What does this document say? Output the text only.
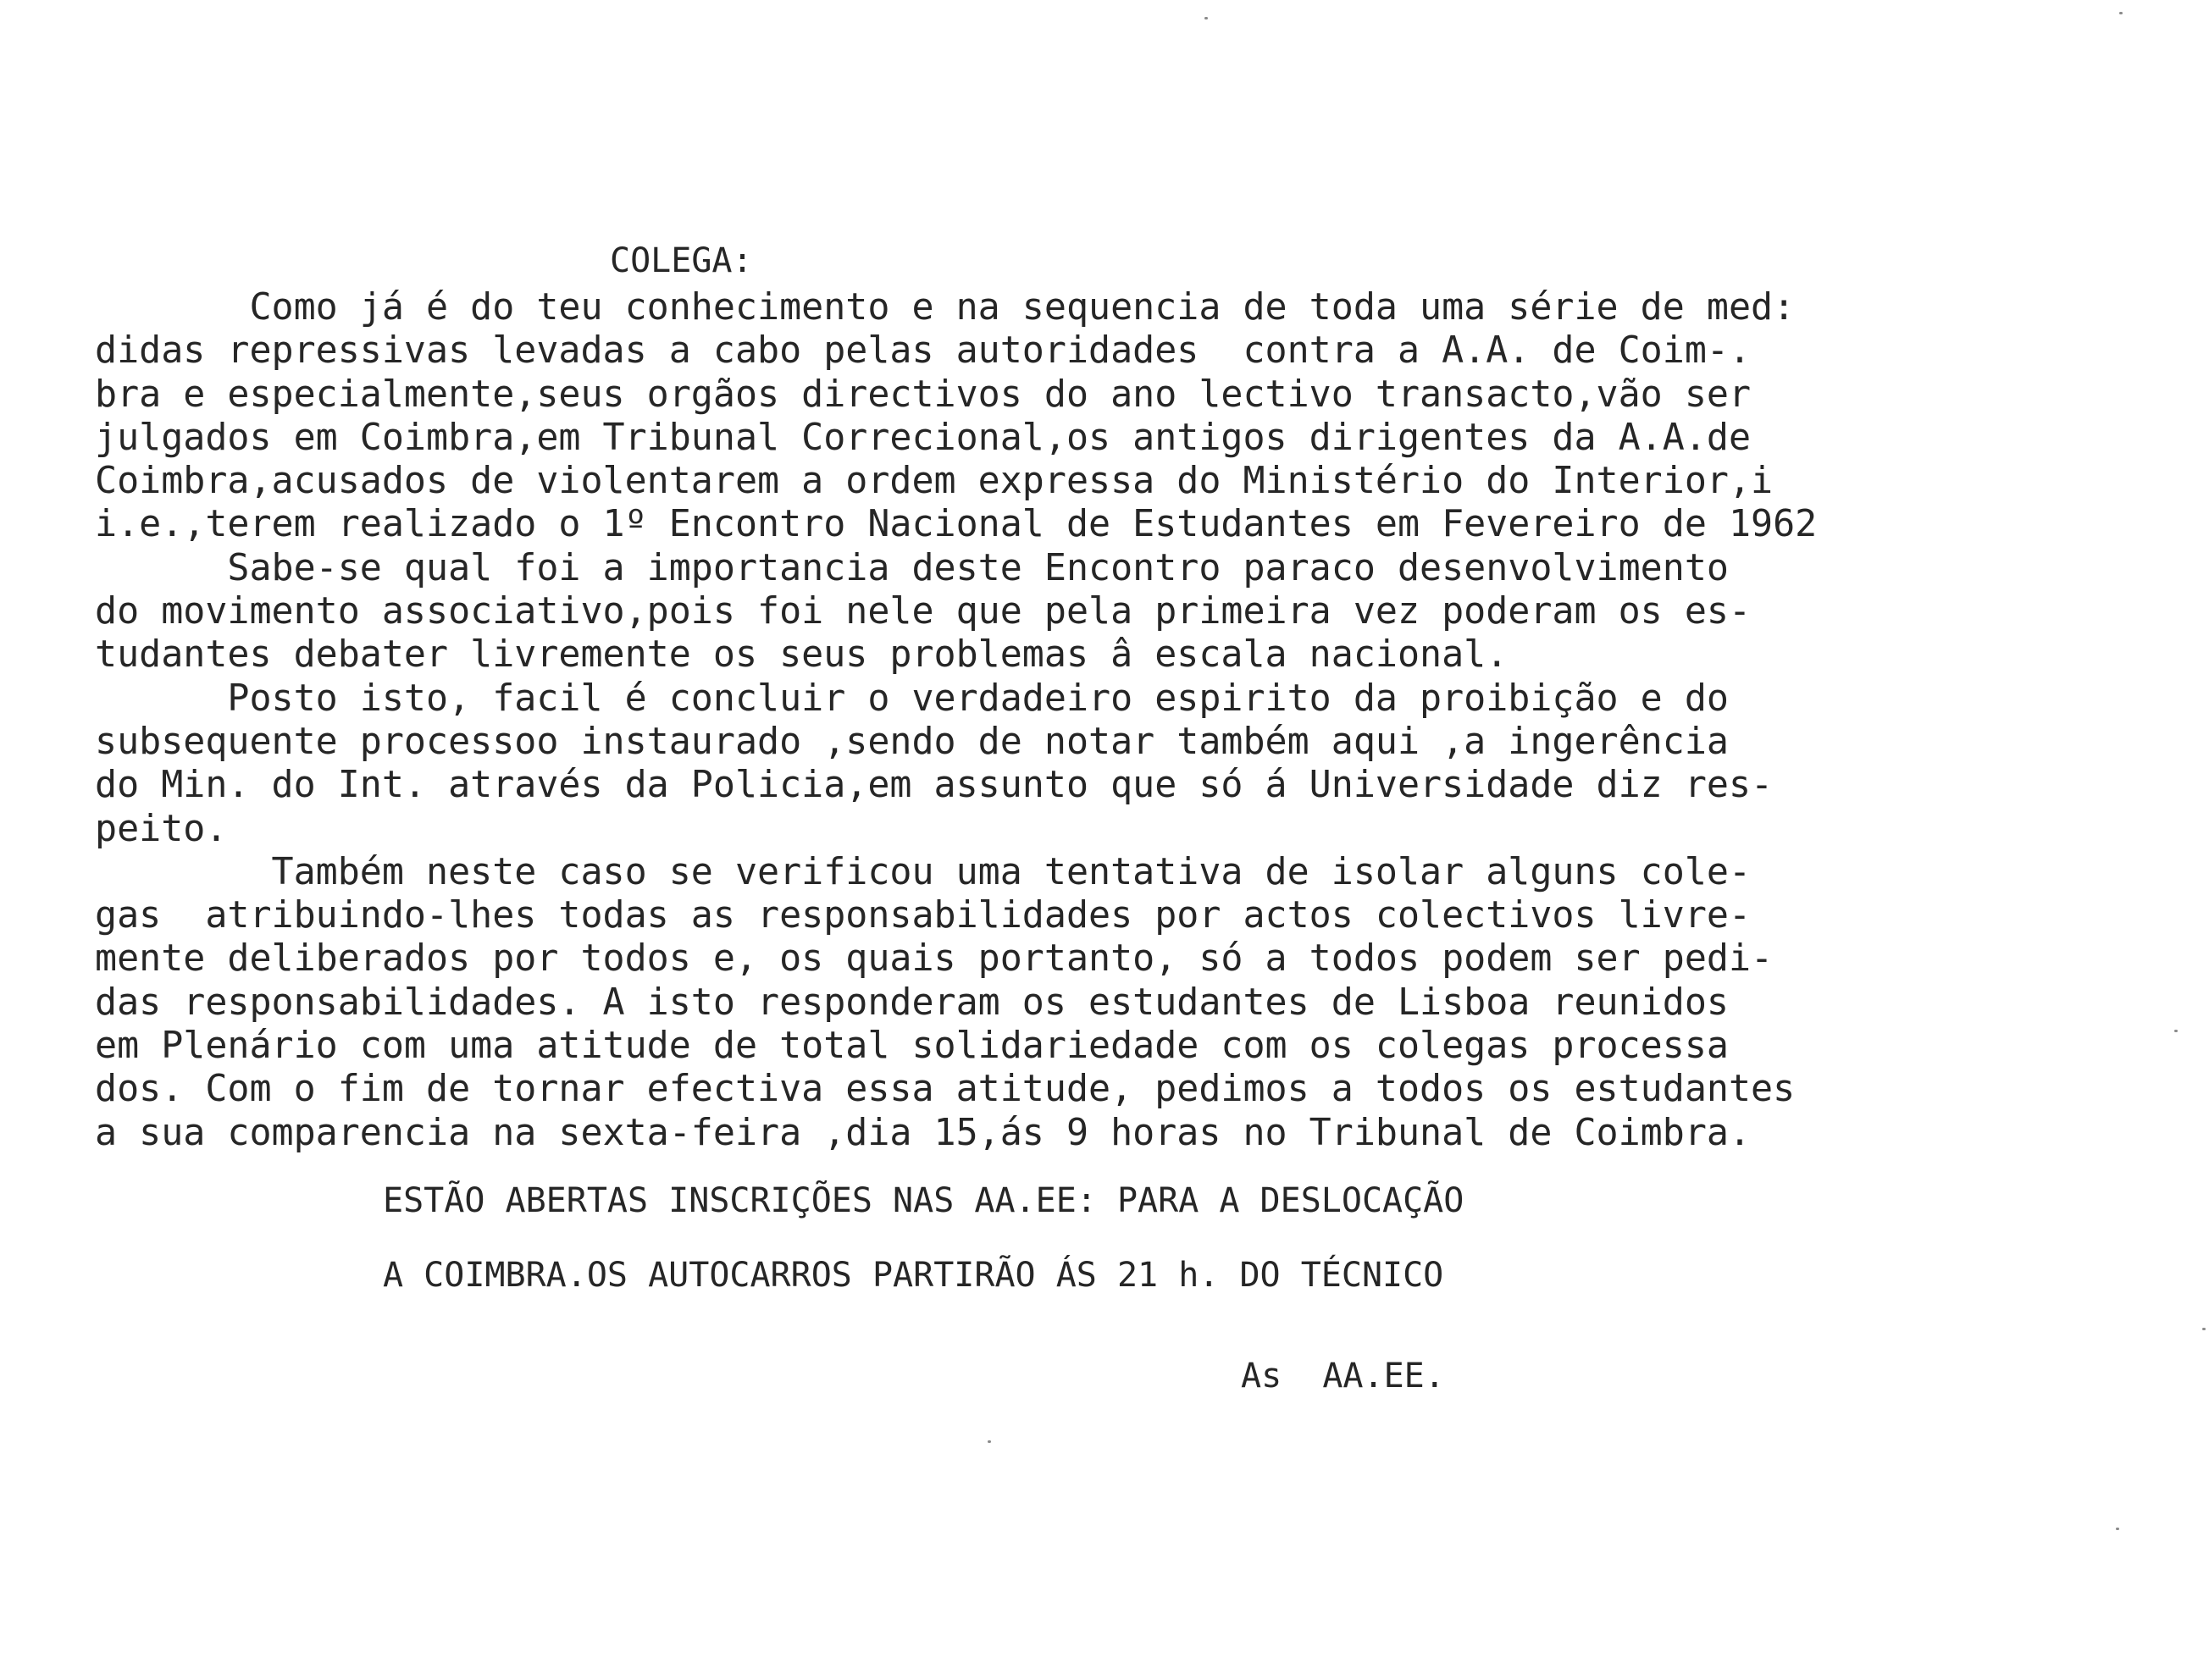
COLEGA:
Como já é do teu conhecimento e na sequencia de toda uma série de med:
didas repressivas levadas a cabo pelas autoridades  contra a A.A. de Coim-.
bra e especialmente,seus orgãos directivos do ano lectivo transacto,vão ser
julgados em Coimbra,em Tribunal Correcional,os antigos dirigentes da A.A.de
Coimbra,acusados de violentarem a ordem expressa do Ministério do Interior,i
i.e.,terem realizado o 1º Encontro Nacional de Estudantes em Fevereiro de 1962
Sabe-se qual foi a importancia deste Encontro paraco desenvolvimento
do movimento associativo,pois foi nele que pela primeira vez poderam os es-
tudantes debater livremente os seus problemas â escala nacional.
Posto isto, facil é concluir o verdadeiro espirito da proibição e do
subsequente processoo instaurado ,sendo de notar também aqui ,a ingerência
do Min. do Int. através da Policia,em assunto que só á Universidade diz res-
peito.
Também neste caso se verificou uma tentativa de isolar alguns cole-
gas  atribuindo-lhes todas as responsabilidades por actos colectivos livre-
mente deliberados por todos e, os quais portanto, só a todos podem ser pedi-
das responsabilidades. A isto responderam os estudantes de Lisboa reunidos
em Plenário com uma atitude de total solidariedade com os colegas processa
dos. Com o fim de tornar efectiva essa atitude, pedimos a todos os estudantes
a sua comparencia na sexta-feira ,dia 15,ás 9 horas no Tribunal de Coimbra.
ESTÃO ABERTAS INSCRIÇÕES NAS AA.EE: PARA A DESLOCAÇÃO
A COIMBRA.OS AUTOCARROS PARTIRÃO ÁS 21 h. DO TÉCNICO
As  AA.EE.
